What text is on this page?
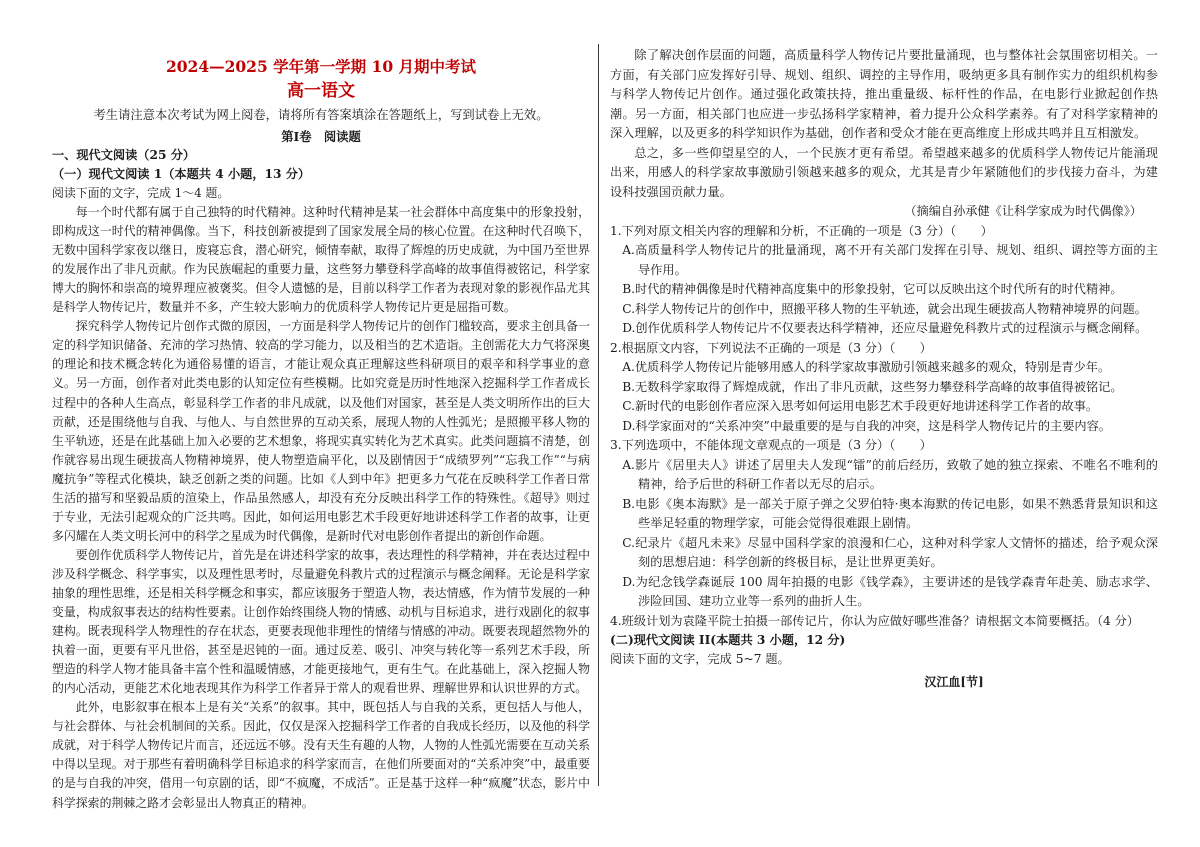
2024—2025 学年第一学期 10 月期中考试

高一语文

考生请注意本次考试为网上阅卷，请将所有答案填涂在答题纸上，写到试卷上无效。

第Ⅰ卷　阅读题

一、现代文阅读（25 分）

（一）现代文阅读 1（本题共 4 小题，13 分）

阅读下面的文字，完成 1～4 题。

每一个时代都有属于自己独特的时代精神。这种时代精神是某一社会群体中高度集中的形象投射，即构成这一时代的精神偶像。当下，科技创新被提到了国家发展全局的核心位置。在这种时代召唤下，无数中国科学家夜以继日，废寝忘食，潜心研究，倾情奉献，取得了辉煌的历史成就，为中国乃至世界的发展作出了非凡贡献。作为民族崛起的重要力量，这些努力攀登科学高峰的故事值得被铭记，科学家博大的胸怀和崇高的境界理应被褒奖。但令人遗憾的是，目前以科学工作者为表现对象的影视作品尤其是科学人物传记片，数量并不多，产生较大影响力的优质科学人物传记片更是屈指可数。

探究科学人物传记片创作式微的原因，一方面是科学人物传记片的创作门槛较高，要求主创具备一定的科学知识储备、充沛的学习热情、较高的学习能力，以及相当的艺术造诣。主创需花大力气将深奥的理论和技术概念转化为通俗易懂的语言，才能让观众真正理解这些科研项目的艰辛和科学事业的意义。另一方面，创作者对此类电影的认知定位有些模糊。比如究竟是历时性地深入挖掘科学工作者成长过程中的各种人生高点，彰显科学工作者的非凡成就，以及他们对国家，甚至是人类文明所作出的巨大贡献，还是围绕他与自我、与他人、与自然世界的互动关系，展现人物的人性弧光；是照搬平移人物的生平轨迹，还是在此基础上加入必要的艺术想象，将现实真实转化为艺术真实。此类问题搞不清楚，创作就容易出现生硬拔高人物精神境界，使人物塑造扁平化，以及剧情因于“成绩罗列”“忘我工作”“与病魔抗争”等程式化模块，缺乏创新之类的问题。比如《人到中年》把更多力气花在反映科学工作者日常生活的描写和坚毅品质的渲染上，作品虽然感人，却没有充分反映出科学工作的特殊性。《超导》则过于专业，无法引起观众的广泛共鸣。因此，如何运用电影艺术手段更好地讲述科学工作者的故事，让更多闪耀在人类文明长河中的科学之星成为时代偶像，是新时代对电影创作者提出的新创作命题。

要创作优质科学人物传记片，首先是在讲述科学家的故事，表达理性的科学精神，并在表达过程中涉及科学概念、科学事实，以及理性思考时，尽量避免科教片式的过程演示与概念阐释。无论是科学家抽象的理性思维，还是相关科学概念和事实，都应该服务于塑造人物，表达情感，作为情节发展的一种变量，构成叙事表达的结构性要素。让创作始终围绕人物的情感、动机与目标追求，进行戏剧化的叙事建构。既表现科学人物理性的存在状态，更要表现他非理性的情绪与情感的冲动。既要表现超然物外的执着一面，更要有平凡世俗，甚至是迟钝的一面。通过反差、吸引、冲突与转化等一系列艺术手段，所塑造的科学人物才能具备丰富个性和温暖情感，才能更接地气，更有生气。在此基础上，深入挖掘人物的内心活动，更能艺术化地表现其作为科学工作者异于常人的观看世界、理解世界和认识世界的方式。

此外，电影叙事在根本上是有关“关系”的叙事。其中，既包括人与自我的关系，更包括人与他人，与社会群体、与社会机制间的关系。因此，仅仅是深入挖掘科学工作者的自我成长经历，以及他的科学成就，对于科学人物传记片而言，还远远不够。没有天生有趣的人物，人物的人性弧光需要在互动关系中得以呈现。对于那些有着明确科学目标追求的科学家而言，在他们所要面对的“关系冲突”中，最重要的是与自我的冲突，借用一句京剧的话，即“不疯魔，不成活”。正是基于这样一种“疯魔”状态，影片中科学探索的荆棘之路才会彰显出人物真正的精神。

除了解决创作层面的问题，高质量科学人物传记片要批量涌现，也与整体社会氛围密切相关。一方面，有关部门应发挥好引导、规划、组织、调控的主导作用，吸纳更多具有制作实力的组织机构参与科学人物传记片创作。通过强化政策扶持，推出重量级、标杆性的作品，在电影行业掀起创作热潮。另一方面，相关部门也应进一步弘扬科学家精神，着力提升公众科学素养。有了对科学家精神的深入理解，以及更多的科学知识作为基础，创作者和受众才能在更高维度上形成共鸣并且互相激发。

总之，多一些仰望星空的人，一个民族才更有希望。希望越来越多的优质科学人物传记片能涌现出来，用感人的科学家故事激励引领越来越多的观众，尤其是青少年紧随他们的步伐接力奋斗，为建设科技强国贡献力量。

（摘编自孙承健《让科学家成为时代偶像》）

1.下列对原文相关内容的理解和分析，不正确的一项是（3 分）（　　）

A.高质量科学人物传记片的批量涌现，离不开有关部门发挥在引导、规划、组织、调控等方面的主导作用。

B.时代的精神偶像是时代精神高度集中的形象投射，它可以反映出这个时代所有的时代精神。

C.科学人物传记片的创作中，照搬平移人物的生平轨迹，就会出现生硬拔高人物精神境界的问题。

D.创作优质科学人物传记片不仅要表达科学精神，还应尽量避免科教片式的过程演示与概念阐释。

2.根据原文内容，下列说法不正确的一项是（3 分）（　　）

A.优质科学人物传记片能够用感人的科学家故事激励引领越来越多的观众，特别是青少年。

B.无数科学家取得了辉煌成就，作出了非凡贡献，这些努力攀登科学高峰的故事值得被铭记。

C.新时代的电影创作者应深入思考如何运用电影艺术手段更好地讲述科学工作者的故事。

D.科学家面对的“关系冲突”中最重要的是与自我的冲突，这是科学人物传记片的主要内容。

3.下列选项中，不能体现文章观点的一项是（3 分）（　　）

A.影片《居里夫人》讲述了居里夫人发现“镭”的前后经历，致敬了她的独立探索、不唯名不唯利的精神，给予后世的科研工作者以无尽的启示。

B.电影《奥本海默》是一部关于原子弹之父罗伯特·奥本海默的传记电影，如果不熟悉背景知识和这些举足轻重的物理学家，可能会觉得很难跟上剧情。

C.纪录片《超凡未来》尽显中国科学家的浪漫和仁心，这种对科学家人文情怀的描述，给予观众深刻的思想启迪：科学创新的终极目标，是让世界更美好。

D.为纪念钱学森诞辰 100 周年拍摄的电影《钱学森》，主要讲述的是钱学森青年赴美、励志求学、涉险回国、建功立业等一系列的曲折人生。

4.班级计划为袁隆平院士拍摄一部传记片，你认为应做好哪些准备？请根据文本简要概括。（4 分）

(二)现代文阅读 II(本题共 3 小题，12 分)

阅读下面的文字，完成 5~7 题。

汉江血[节]
